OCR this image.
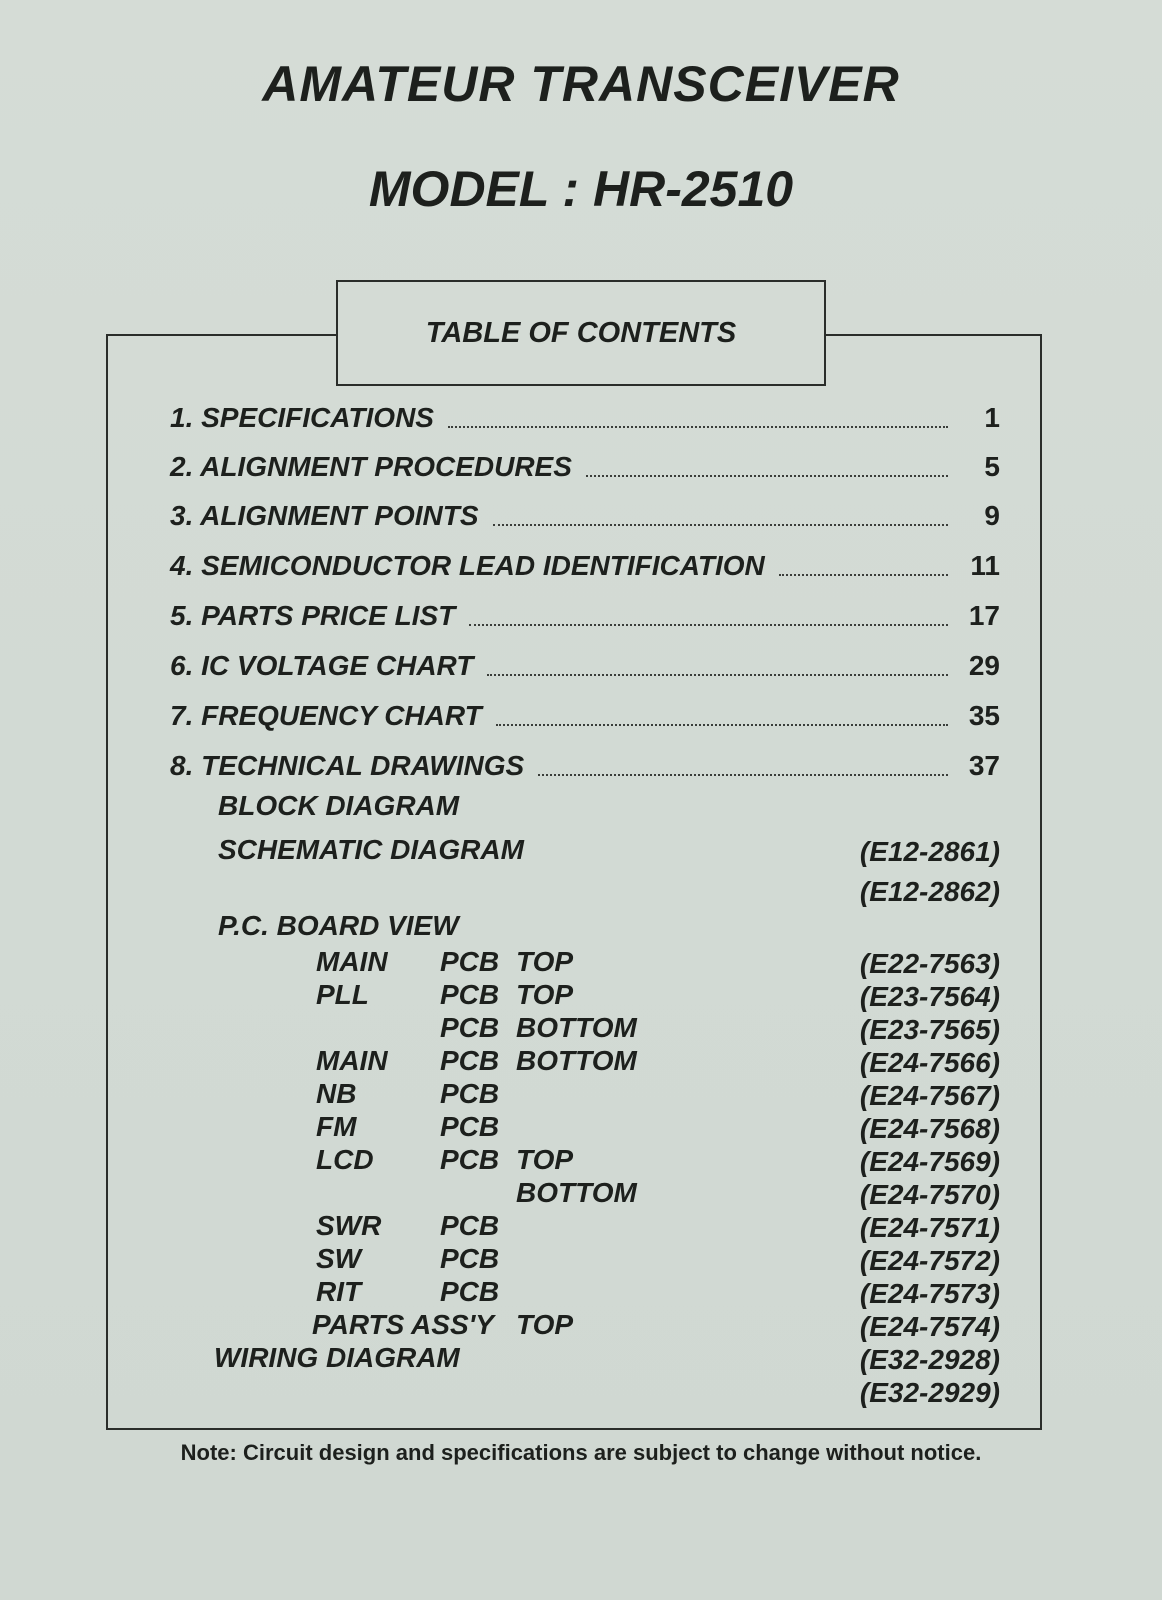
AMATEUR TRANSCEIVER
MODEL : HR-2510
TABLE OF CONTENTS
1. SPECIFICATIONS	1
2. ALIGNMENT PROCEDURES	5
3. ALIGNMENT POINTS	9
4. SEMICONDUCTOR LEAD IDENTIFICATION	11
5. PARTS PRICE LIST	17
6. IC VOLTAGE CHART	29
7. FREQUENCY CHART	35
8. TECHNICAL DRAWINGS	37
BLOCK DIAGRAM
SCHEMATIC DIAGRAM	(E12-2861)
(E12-2862)
P.C. BOARD VIEW
MAIN PCB TOP	(E22-7563)
PLL	PCB TOP	(E23-7564)
PCB BOTTOM	(E23-7565)
MAIN PCB BOTTOM	(E24-7566)
NB	PCB	(E24-7567)
FM	PCB	(E24-7568)
LCD PCB TOP	(E24-7569)
BOTTOM	(E24-7570)
SWR PCB	(E24-7571)
SW	PCB	(E24-7572)
RIT	PCB	(E24-7573)
PARTS ASS'Y TOP	(E24-7574)
WIRING DIAGRAM	(E32-2928)
(E32-2929)
Note: Circuit design and specifications are subject to change without notice.
